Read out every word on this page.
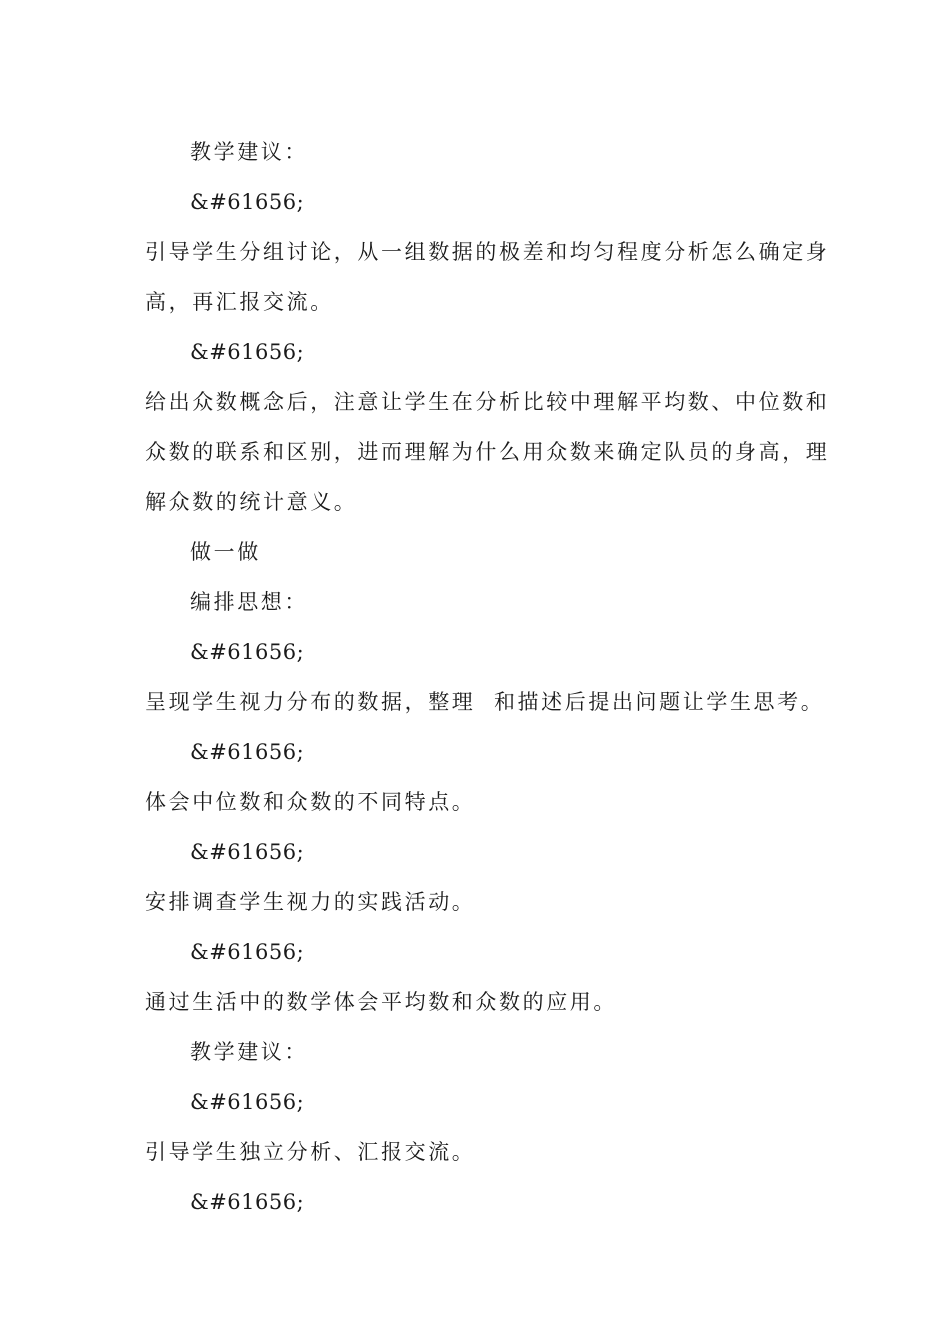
教学建议：
&#61656;
引导学生分组讨论，从一组数据的极差和均匀程度分析怎么确定身
高，再汇报交流。
&#61656;
给出众数概念后，注意让学生在分析比较中理解平均数、中位数和
众数的联系和区别，进而理解为什么用众数来确定队员的身高，理
解众数的统计意义。
做一做
编排思想：
&#61656;
呈现学生视力分布的数据，整理  和描述后提出问题让学生思考。
&#61656;
体会中位数和众数的不同特点。
&#61656;
安排调查学生视力的实践活动。
&#61656;
通过生活中的数学体会平均数和众数的应用。
教学建议：
&#61656;
引导学生独立分析、汇报交流。
&#61656;
